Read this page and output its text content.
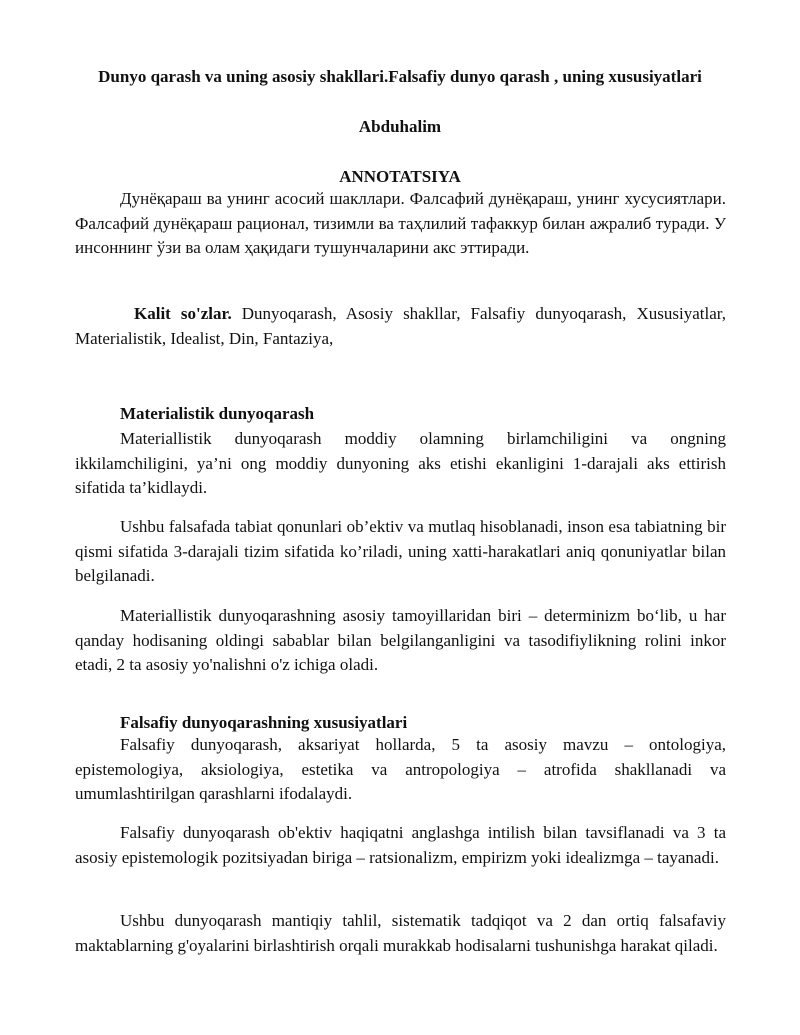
Dunyo qarash va uning asosiy shakllari.Falsafiy dunyo qarash , uning xususiyatlari
Abduhalim
ANNOTATSIYA

Дунёқараш ва унинг асосий шакллари. Фалсафий дунёқараш, унинг хусусиятлари. Фалсафий дунёқараш рационал, тизимли ва таҳлилий тафаккур билан ажралиб туради. У инсоннинг ўзи ва олам ҳақидаги тушунчаларини акс эттиради.

Kalit so'zlar. Dunyoqarash, Asosiy shakllar, Falsafiy dunyoqarash, Xususiyatlar, Materialistik, Idealist, Din, Fantaziya,

Materialistik dunyoqarash

Materiallistik dunyoqarash moddiy olamning birlamchiligini va ongning ikkilamchiligini, ya’ni ong moddiy dunyoning aks etishi ekanligini 1-darajali aks ettirish sifatida ta’kidlaydi.

Ushbu falsafada tabiat qonunlari ob’ektiv va mutlaq hisoblanadi, inson esa tabiatning bir qismi sifatida 3-darajali tizim sifatida ko’riladi, uning xatti-harakatlari aniq qonuniyatlar bilan belgilanadi.

Materiallistik dunyoqarashning asosiy tamoyillaridan biri – determinizm bo‘lib, u har qanday hodisaning oldingi sabablar bilan belgilanganligini va tasodifiylikning rolini inkor etadi, 2 ta asosiy yo'nalishni o'z ichiga oladi.

Falsafiy dunyoqarashning xususiyatlari

Falsafiy dunyoqarash, aksariyat hollarda, 5 ta asosiy mavzu – ontologiya, epistemologiya, aksiologiya, estetika va antropologiya – atrofida shakllanadi va umumlashtirilgan qarashlarni ifodalaydi.

Falsafiy dunyoqarash ob'ektiv haqiqatni anglashga intilish bilan tavsiflanadi va 3 ta asosiy epistemologik pozitsiyadan biriga – ratsionalizm, empirizm yoki idealizmga – tayanadi.

Ushbu dunyoqarash mantiqiy tahlil, sistematik tadqiqot va 2 dan ortiq falsafaviy maktablarning g'oyalarini birlashtirish orqali murakkab hodisalarni tushunishga harakat qiladi.
